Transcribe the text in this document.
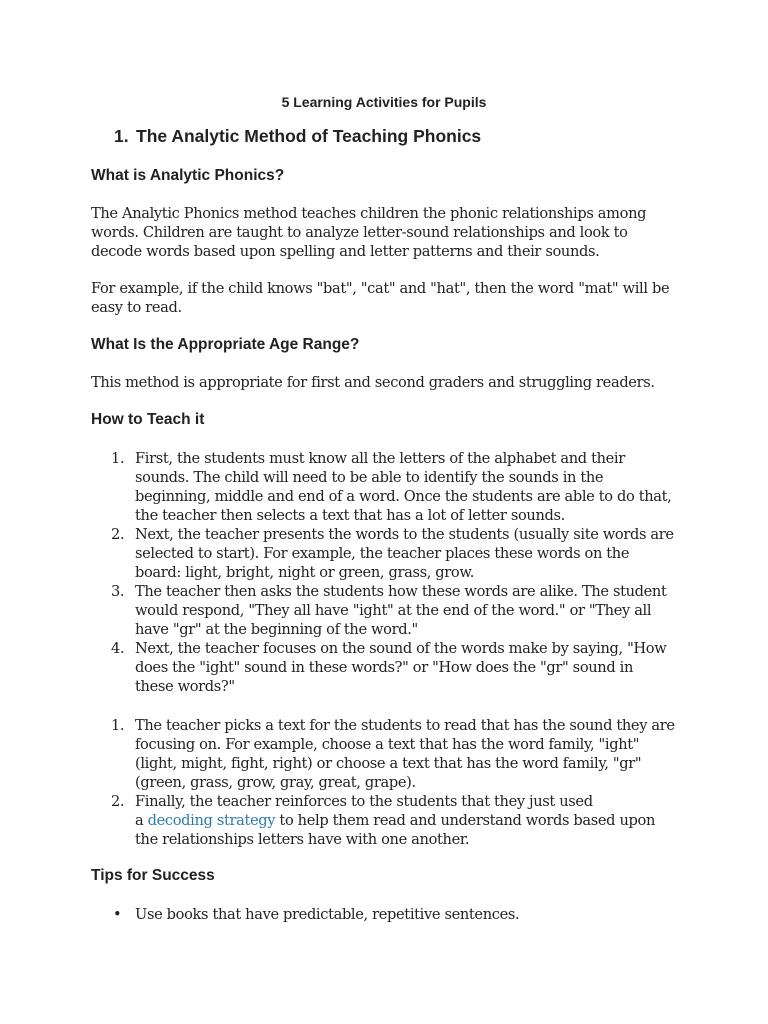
5 Learning Activities for Pupils
1. The Analytic Method of Teaching Phonics
What is Analytic Phonics?

The Analytic Phonics method teaches children the phonic relationships among
words. Children are taught to analyze letter-sound relationships and look to
decode words based upon spelling and letter patterns and their sounds.

For example, if the child knows "bat", "cat" and "hat", then the word "mat" will be
easy to read.

What Is the Appropriate Age Range?

This method is appropriate for first and second graders and struggling readers.

How to Teach it
1. First, the students must know all the letters of the alphabet and their
sounds. The child will need to be able to identify the sounds in the
beginning, middle and end of a word. Once the students are able to do that,
the teacher then selects a text that has a lot of letter sounds.
2. Next, the teacher presents the words to the students (usually site words are
selected to start). For example, the teacher places these words on the
board: light, bright, night or green, grass, grow.
3. The teacher then asks the students how these words are alike. The student
would respond, "They all have "ight" at the end of the word." or "They all
have "gr" at the beginning of the word."
4. Next, the teacher focuses on the sound of the words make by saying, "How
does the "ight" sound in these words?" or "How does the "gr" sound in
these words?"
1. The teacher picks a text for the students to read that has the sound they are
focusing on. For example, choose a text that has the word family, "ight"
(light, might, fight, right) or choose a text that has the word family, "gr"
(green, grass, grow, gray, great, grape).
2. Finally, the teacher reinforces to the students that they just used
a decoding strategy to help them read and understand words based upon
the relationships letters have with one another.
Tips for Success
• Use books that have predictable, repetitive sentences.
